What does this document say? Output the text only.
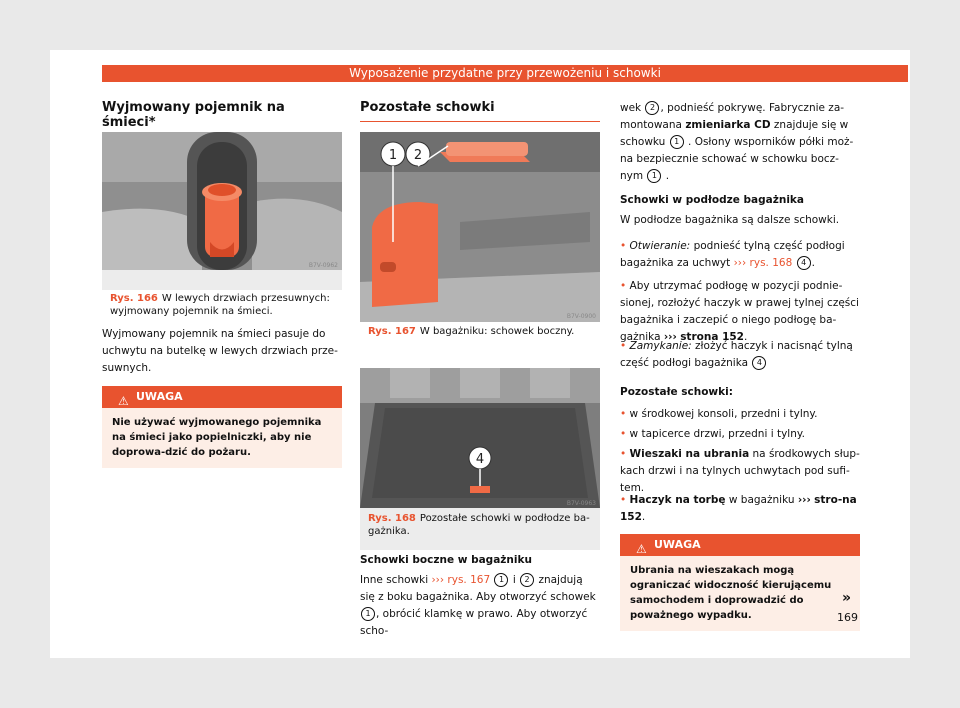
Wyposażenie przydatne przy przewożeniu i schowki
Wyjmowany pojemnik na śmieci*
B7V-0962
Rys. 166 W lewych drzwiach przesuwnych: wyjmowany pojemnik na śmieci.

Wyjmowany pojemnik na śmieci pasuje do uchwytu na butelkę w lewych drzwiach prze-suwnych.

⚠ UWAGA
Nie używać wyjmowanego pojemnika na śmieci jako popielniczki, aby nie doprowa-dzić do pożaru.
Pozostałe schowki
1 2
B7V-0900
Rys. 167 W bagażniku: schowek boczny.
4
B7V-0963
Rys. 168 Pozostałe schowki w podłodze ba-gażnika.

Schowki boczne w bagażniku

Inne schowki ››› rys. 167 1 i 2 znajdują się z boku bagażnika. Aby otworzyć schowek 1 , obrócić klamkę w prawo. Aby otworzyć scho-

wek 2 , podnieść pokrywę. Fabrycznie za-montowana zmieniarka CD znajduje się w schowku 1 . Osłony wsporników półki moż-na bezpiecznie schować w schowku bocz-nym 1 .

Schowki w podłodze bagażnika

W podłodze bagażnika są dalsze schowki.

• Otwieranie: podnieść tylną część podłogi bagażnika za uchwyt ››› rys. 168 4 .

• Aby utrzymać podłogę w pozycji podnie-sionej, rozłożyć haczyk w prawej tylnej części bagażnika i zaczepić o niego podłogę ba-gażnika ››› strona 152.

• Zamykanie: złożyć haczyk i nacisnąć tylną część podłogi bagażnika 4

Pozostałe schowki:

• w środkowej konsoli, przedni i tylny.

• w tapicerce drzwi, przedni i tylny.

• Wieszaki na ubrania na środkowych słup-kach drzwi i na tylnych uchwytach pod sufi-tem.

• Haczyk na torbę w bagażniku ››› stro-na 152.

⚠ UWAGA
Ubrania na wieszakach mogą ograniczać widoczność kierującemu samochodem i doprowadzić do poważnego wypadku.
»
169
